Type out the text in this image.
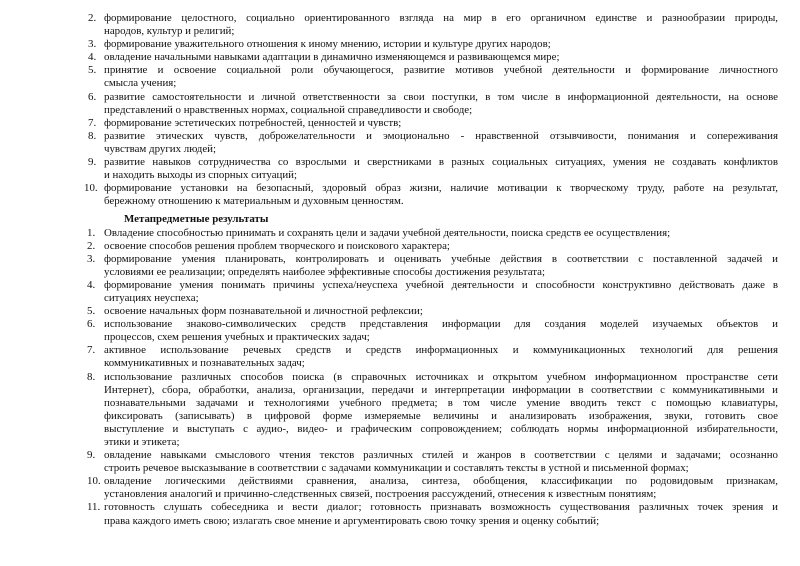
2. формирование целостного, социально ориентированного взгляда на мир в его органичном единстве и разнообразии природы,
народов, культур и религий;
3. формирование уважительного отношения к иному мнению, истории и культуре других народов;
4. овладение начальными навыками адаптации в динамично изменяющемся и развивающемся мире;
5. принятие и освоение социальной роли обучающегося, развитие мотивов учебной деятельности и формирование личностного
смысла учения;
6. развитие самостоятельности и личной ответственности за свои поступки, в том числе в информационной деятельности, на основе
представлений о нравственных нормах, социальной справедливости и свободе;
7. формирование эстетических потребностей, ценностей и чувств;
8. развитие этических чувств, доброжелательности и эмоционально - нравственной отзывчивости, понимания и сопереживания
чувствам других людей;
9. развитие навыков сотрудничества со взрослыми и сверстниками в разных социальных ситуациях, умения не создавать конфликтов
и находить выходы из спорных ситуаций;
10. формирование установки на безопасный, здоровый образ жизни, наличие мотивации к творческому труду, работе на результат,
бережному отношению к материальным и духовным ценностям.
Метапредметные результаты
1. Овладение способностью принимать и сохранять цели и задачи учебной деятельности, поиска средств ее осуществления;
2. освоение способов решения проблем творческого и поискового характера;
3. формирование умения планировать, контролировать и оценивать учебные действия в соответствии с поставленной задачей и
условиями ее реализации; определять наиболее эффективные способы достижения результата;
4. формирование умения понимать причины успеха/неуспеха учебной деятельности и способности конструктивно действовать даже в
ситуациях неуспеха;
5. освоение начальных форм познавательной и личностной рефлексии;
6. использование знаково-символических средств представления информации для создания моделей изучаемых объектов и
процессов, схем решения учебных и практических задач;
7. активное использование речевых средств и средств информационных и коммуникационных технологий для решения
коммуникативных и познавательных задач;
8. использование различных способов поиска (в справочных источниках и открытом учебном информационном пространстве сети
Интернет), сбора, обработки, анализа, организации, передачи и интерпретации информации в соответствии с коммуникативными и
познавательными задачами и технологиями учебного предмета; в том числе умение вводить текст с помощью клавиатуры,
фиксировать (записывать) в цифровой форме измеряемые величины и анализировать изображения, звуки, готовить свое
выступление и выступать с аудио-, видео- и графическим сопровождением; соблюдать нормы информационной избирательности,
этики и этикета;
9. овладение навыками смыслового чтения текстов различных стилей и жанров в соответствии с целями и задачами; осознанно
строить речевое высказывание в соответствии с задачами коммуникации и составлять тексты в устной и письменной формах;
10. овладение логическими действиями сравнения, анализа, синтеза, обобщения, классификации по родовидовым признакам,
установления аналогий и причинно-следственных связей, построения рассуждений, отнесения к известным понятиям;
11. готовность слушать собеседника и вести диалог; готовность признавать возможность существования различных точек зрения и
права каждого иметь свою; излагать свое мнение и аргументировать свою точку зрения и оценку событий;
